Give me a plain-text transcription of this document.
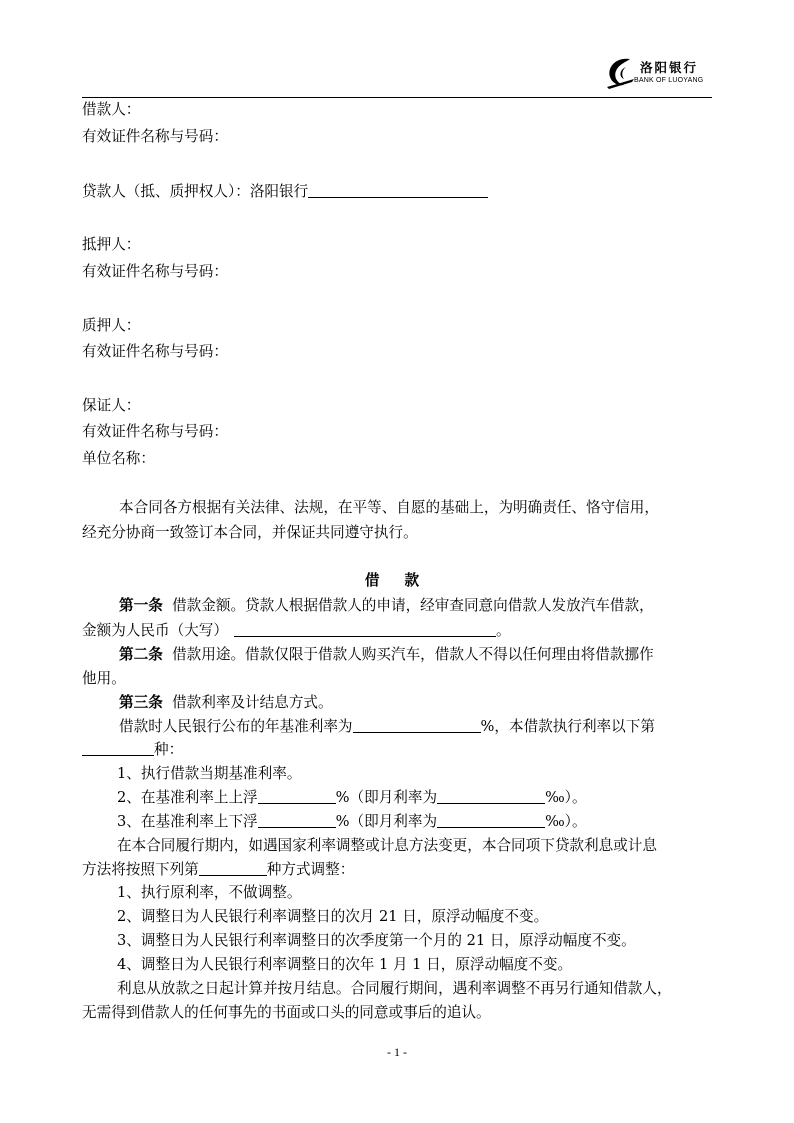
洛阳银行
BANK OF LUOYANG
借款人：
有效证件名称与号码：
贷款人（抵、质押权人）：洛阳银行
抵押人：
有效证件名称与号码：
质押人：
有效证件名称与号码：
保证人：
有效证件名称与号码：
单位名称：
本合同各方根据有关法律、法规，在平等、自愿的基础上，为明确责任、恪守信用，
经充分协商一致签订本合同，并保证共同遵守执行。
借 款
第一条 借款金额。贷款人根据借款人的申请，经审查同意向借款人发放汽车借款，
金额为人民币（大写）	。
第二条 借款用途。借款仅限于借款人购买汽车，借款人不得以任何理由将借款挪作
他用。
第三条 借款利率及计结息方式。
借款时人民银行公布的年基准利率为	%，本借款执行利率以下第
种：
1、执行借款当期基准利率。
2、在基准利率上上浮	%（即月利率为	‰）。
3、在基准利率上下浮	%（即月利率为	‰）。
在本合同履行期内，如遇国家利率调整或计息方法变更，本合同项下贷款利息或计息
方法将按照下列第	种方式调整：
1、执行原利率，不做调整。
2、调整日为人民银行利率调整日的次月 21 日，原浮动幅度不变。
3、调整日为人民银行利率调整日的次季度第一个月的 21 日，原浮动幅度不变。
4、调整日为人民银行利率调整日的次年 1 月 1 日，原浮动幅度不变。
利息从放款之日起计算并按月结息。合同履行期间，遇利率调整不再另行通知借款人，
无需得到借款人的任何事先的书面或口头的同意或事后的追认。
- 1 -
